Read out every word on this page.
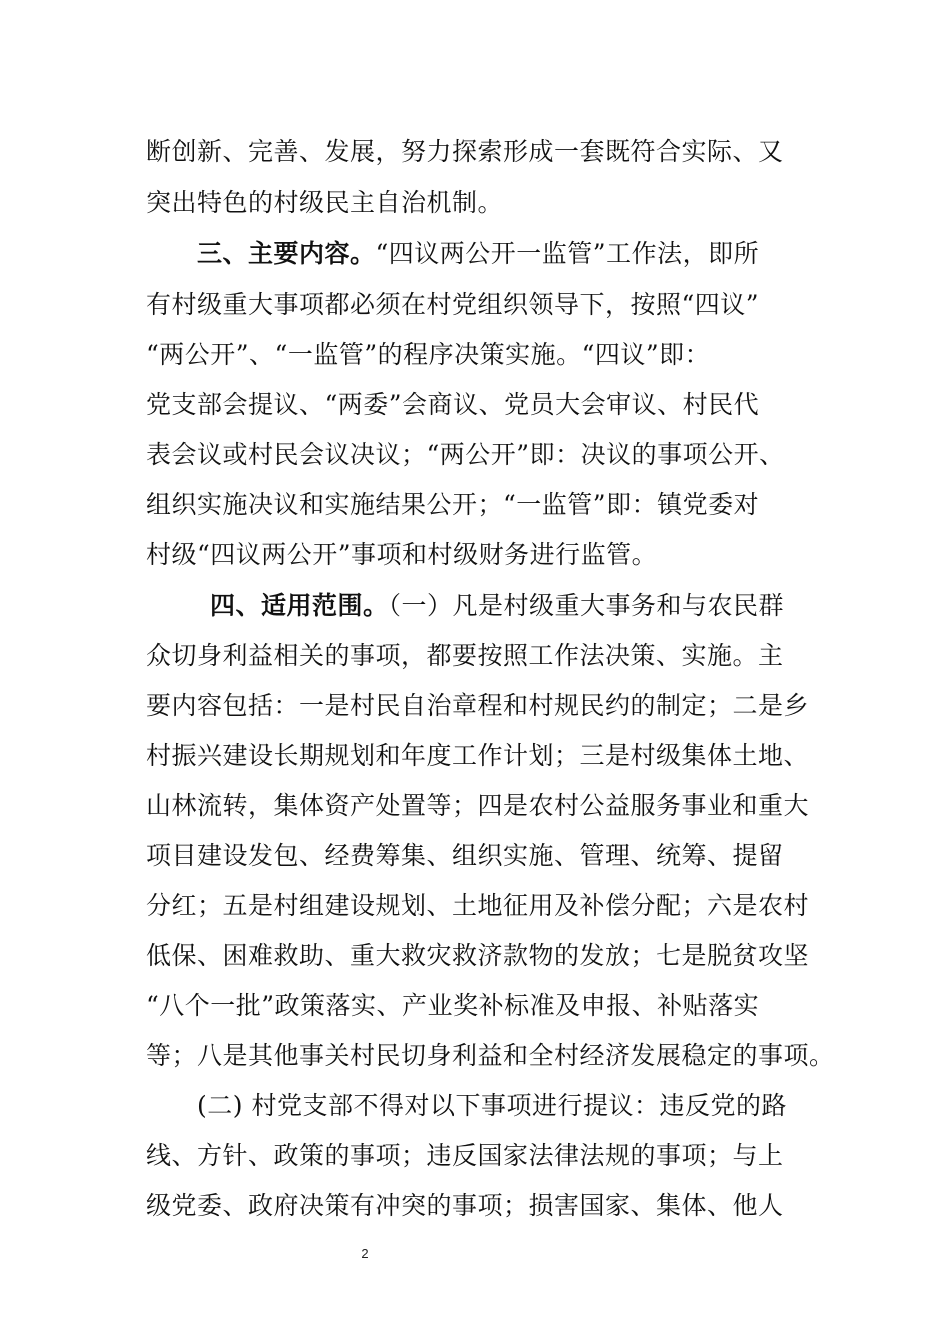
断创新、完善、发展，努力探索形成一套既符合实际、又
突出特色的村级民主自治机制。
三、主要内容。“四议两公开一监管”工作法，即所
有村级重大事项都必须在村党组织领导下，按照“四议”
“两公开”、“一监管”的程序决策实施。“四议”即：
党支部会提议、“两委”会商议、党员大会审议、村民代
表会议或村民会议决议；“两公开”即：决议的事项公开、
组织实施决议和实施结果公开；“一监管”即：镇党委对
村级“四议两公开”事项和村级财务进行监管。
四、适用范围。（一）凡是村级重大事务和与农民群
众切身利益相关的事项，都要按照工作法决策、实施。主
要内容包括：一是村民自治章程和村规民约的制定；二是乡
村振兴建设长期规划和年度工作计划；三是村级集体土地、
山林流转，集体资产处置等；四是农村公益服务事业和重大
项目建设发包、经费筹集、组织实施、管理、统筹、提留
分红；五是村组建设规划、土地征用及补偿分配；六是农村
低保、困难救助、重大救灾救济款物的发放；七是脱贫攻坚
“八个一批”政策落实、产业奖补标准及申报、补贴落实
等；八是其他事关村民切身利益和全村经济发展稳定的事项。
(二) 村党支部不得对以下事项进行提议：违反党的路
线、方针、政策的事项；违反国家法律法规的事项；与上
级党委、政府决策有冲突的事项；损害国家、集体、他人
2
